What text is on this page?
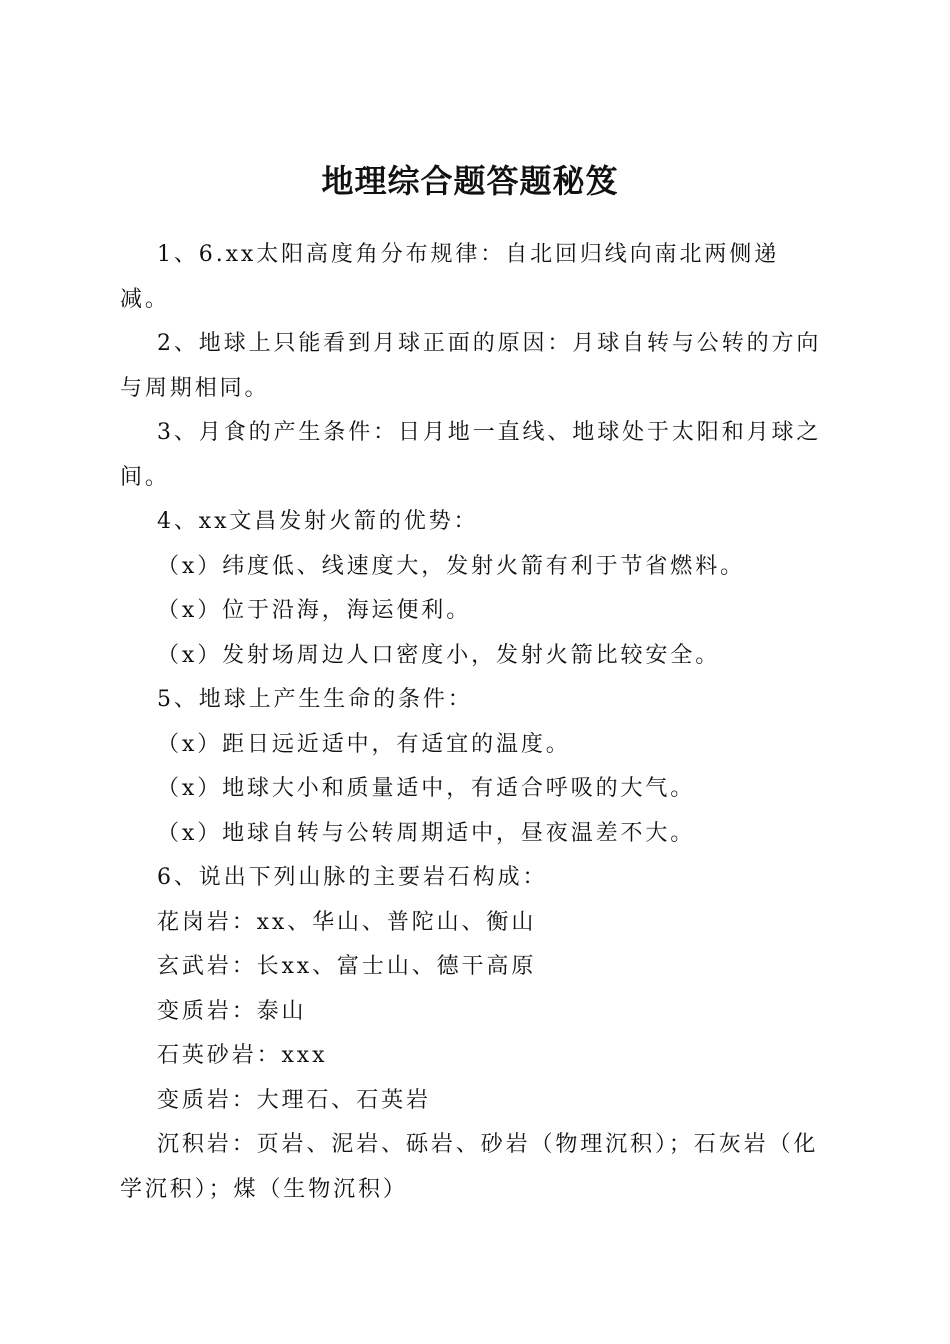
地理综合题答题秘笈

1、6.xx太阳高度角分布规律：自北回归线向南北两侧递减。

2、地球上只能看到月球正面的原因：月球自转与公转的方向与周期相同。

3、月食的产生条件：日月地一直线、地球处于太阳和月球之间。

4、xx文昌发射火箭的优势：

（x）纬度低、线速度大，发射火箭有利于节省燃料。

（x）位于沿海，海运便利。

（x）发射场周边人口密度小，发射火箭比较安全。

5、地球上产生生命的条件：

（x）距日远近适中，有适宜的温度。

（x）地球大小和质量适中，有适合呼吸的大气。

（x）地球自转与公转周期适中，昼夜温差不大。

6、说出下列山脉的主要岩石构成：

花岗岩：xx、华山、普陀山、衡山

玄武岩：长xx、富士山、德干高原

变质岩：泰山

石英砂岩：xxx

变质岩：大理石、石英岩

沉积岩：页岩、泥岩、砾岩、砂岩（物理沉积）；石灰岩（化学沉积）；煤（生物沉积）
